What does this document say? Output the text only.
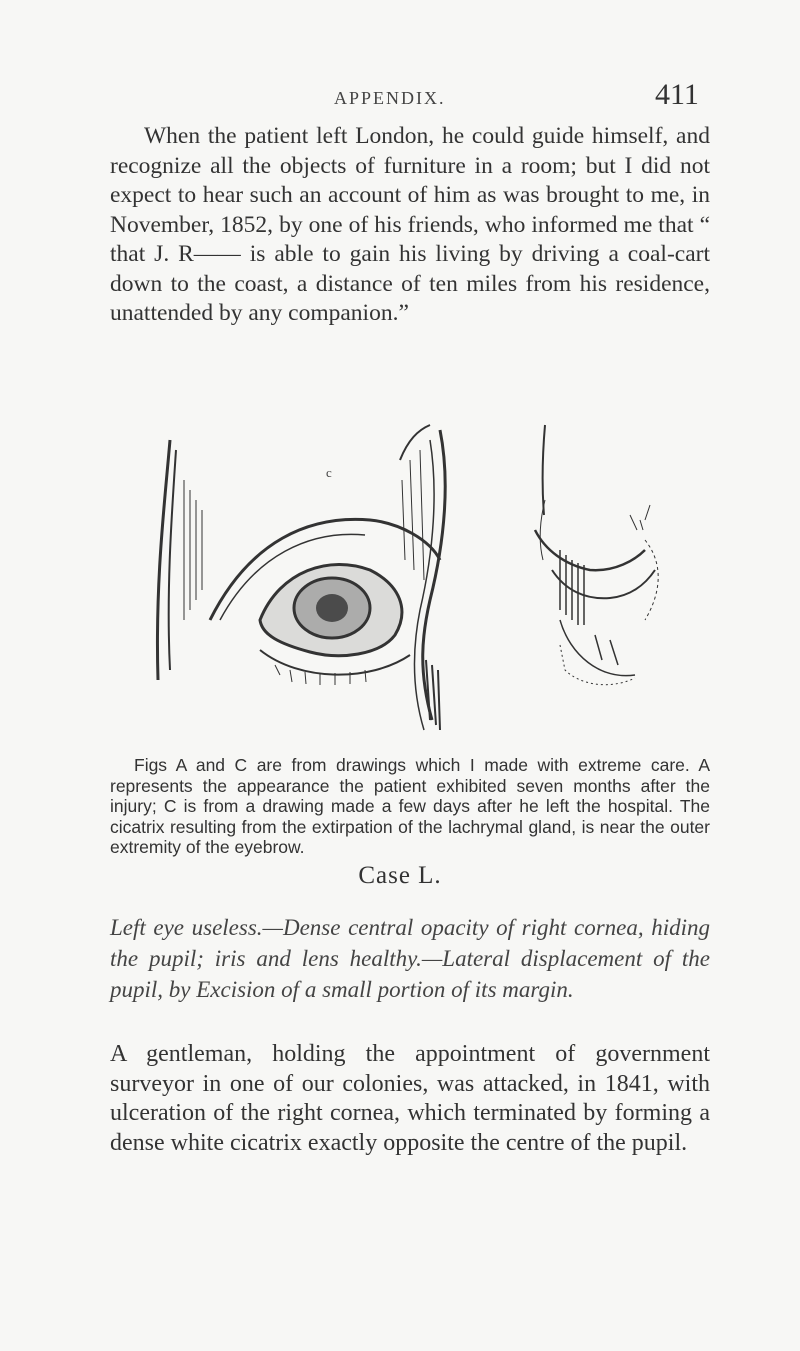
APPENDIX.	411

When the patient left London, he could guide himself, and recognize all the objects of furniture in a room; but I did not expect to hear such an account of him as was brought to me, in November, 1852, by one of his friends, who informed me that “ that J. R—— is able to gain his living by driving a coal-cart down to the coast, a distance of ten miles from his residence, unattended by any companion.”

c

Figs A and C are from drawings which I made with extreme care. A represents the appearance the patient exhibited seven months after the injury; C is from a drawing made a few days after he left the hospital. The cicatrix resulting from the extirpation of the lachrymal gland, is near the outer extremity of the eyebrow.

Case L.

Left eye useless.—Dense central opacity of right cornea, hiding the pupil; iris and lens healthy.—Lateral displacement of the pupil, by Excision of a small portion of its margin.

A gentleman, holding the appointment of government surveyor in one of our colonies, was attacked, in 1841, with ulceration of the right cornea, which terminated by forming a dense white cicatrix exactly opposite the centre of the pupil.
